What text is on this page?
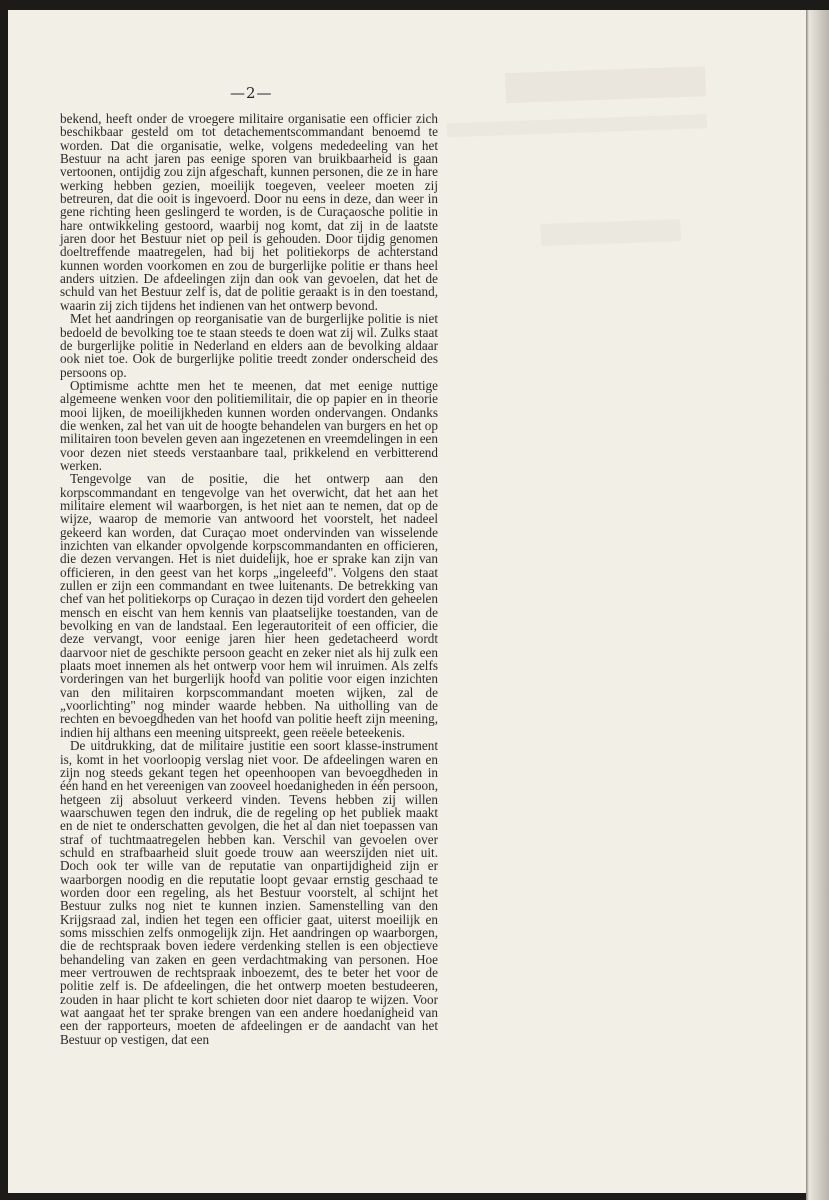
—2—

bekend, heeft onder de vroegere militaire organisatie een officier zich beschikbaar gesteld om tot detachementscommandant benoemd te worden. Dat die organisatie, welke, volgens mededeeling van het Bestuur na acht jaren pas eenige sporen van bruikbaarheid is gaan vertoonen, ontijdig zou zijn afgeschaft, kunnen personen, die ze in hare werking hebben gezien, moeilijk toegeven, veeleer moeten zij betreuren, dat die ooit is ingevoerd. Door nu eens in deze, dan weer in gene richting heen geslingerd te worden, is de Curaçaosche politie in hare ontwikkeling gestoord, waarbij nog komt, dat zij in de laatste jaren door het Bestuur niet op peil is gehouden. Door tijdig genomen doeltreffende maatregelen, had bij het politiekorps de achterstand kunnen worden voorkomen en zou de burgerlijke politie er thans heel anders uitzien. De afdeelingen zijn dan ook van gevoelen, dat het de schuld van het Bestuur zelf is, dat de politie geraakt is in den toestand, waarin zij zich tijdens het indienen van het ontwerp bevond.

Met het aandringen op reorganisatie van de burgerlijke politie is niet bedoeld de bevolking toe te staan steeds te doen wat zij wil. Zulks staat de burgerlijke politie in Nederland en elders aan de bevolking aldaar ook niet toe. Ook de burgerlijke politie treedt zonder onderscheid des persoons op.

Optimisme achtte men het te meenen, dat met eenige nuttige algemeene wenken voor den politiemilitair, die op papier en in theorie mooi lijken, de moeilijkheden kunnen worden ondervangen. Ondanks die wenken, zal het van uit de hoogte behandelen van burgers en het op militairen toon bevelen geven aan ingezetenen en vreemdelingen in een voor dezen niet steeds verstaanbare taal, prikkelend en verbitterend werken.

Tengevolge van de positie, die het ontwerp aan den korpscommandant en tengevolge van het overwicht, dat het aan het militaire element wil waarborgen, is het niet aan te nemen, dat op de wijze, waarop de memorie van antwoord het voorstelt, het nadeel gekeerd kan worden, dat Curaçao moet ondervinden van wisselende inzichten van elkander opvolgende korpscommandanten en officieren, die dezen vervangen. Het is niet duidelijk, hoe er sprake kan zijn van officieren, in den geest van het korps „ingeleefd". Volgens den staat zullen er zijn een commandant en twee luitenants. De betrekking van chef van het politiekorps op Curaçao in dezen tijd vordert den geheelen mensch en eischt van hem kennis van plaatselijke toestanden, van de bevolking en van de landstaal. Een legerautoriteit of een officier, die deze vervangt, voor eenige jaren hier heen gedetacheerd wordt daarvoor niet de geschikte persoon geacht en zeker niet als hij zulk een plaats moet innemen als het ontwerp voor hem wil inruimen. Als zelfs vorderingen van het burgerlijk hoofd van politie voor eigen inzichten van den militairen korpscommandant moeten wijken, zal de „voorlichting" nog minder waarde hebben. Na uitholling van de rechten en bevoegdheden van het hoofd van politie heeft zijn meening, indien hij althans een meening uitspreekt, geen reëele beteekenis.

De uitdrukking, dat de militaire justitie een soort klasse-instrument is, komt in het voorloopig verslag niet voor. De afdeelingen waren en zijn nog steeds gekant tegen het opeenhoopen van bevoegdheden in één hand en het vereenigen van zooveel hoedanigheden in één persoon, hetgeen zij absoluut verkeerd vinden. Tevens hebben zij willen waarschuwen tegen den indruk, die de regeling op het publiek maakt en de niet te onderschatten gevolgen, die het al dan niet toepassen van straf of tuchtmaatregelen hebben kan. Verschil van gevoelen over schuld en strafbaarheid sluit goede trouw aan weerszijden niet uit. Doch ook ter wille van de reputatie van onpartijdigheid zijn er waarborgen noodig en die reputatie loopt gevaar ernstig geschaad te worden door een regeling, als het Bestuur voorstelt, al schijnt het Bestuur zulks nog niet te kunnen inzien. Samenstelling van den Krijgsraad zal, indien het tegen een officier gaat, uiterst moeilijk en soms misschien zelfs onmogelijk zijn. Het aandringen op waarborgen, die de rechtspraak boven iedere verdenking stellen is een objectieve behandeling van zaken en geen verdachtmaking van personen. Hoe meer vertrouwen de rechtspraak inboezemt, des te beter het voor de politie zelf is. De afdeelingen, die het ontwerp moeten bestudeeren, zouden in haar plicht te kort schieten door niet daarop te wijzen. Voor wat aangaat het ter sprake brengen van een andere hoedanigheid van een der rapporteurs, moeten de afdeelingen er de aandacht van het Bestuur op vestigen, dat een
